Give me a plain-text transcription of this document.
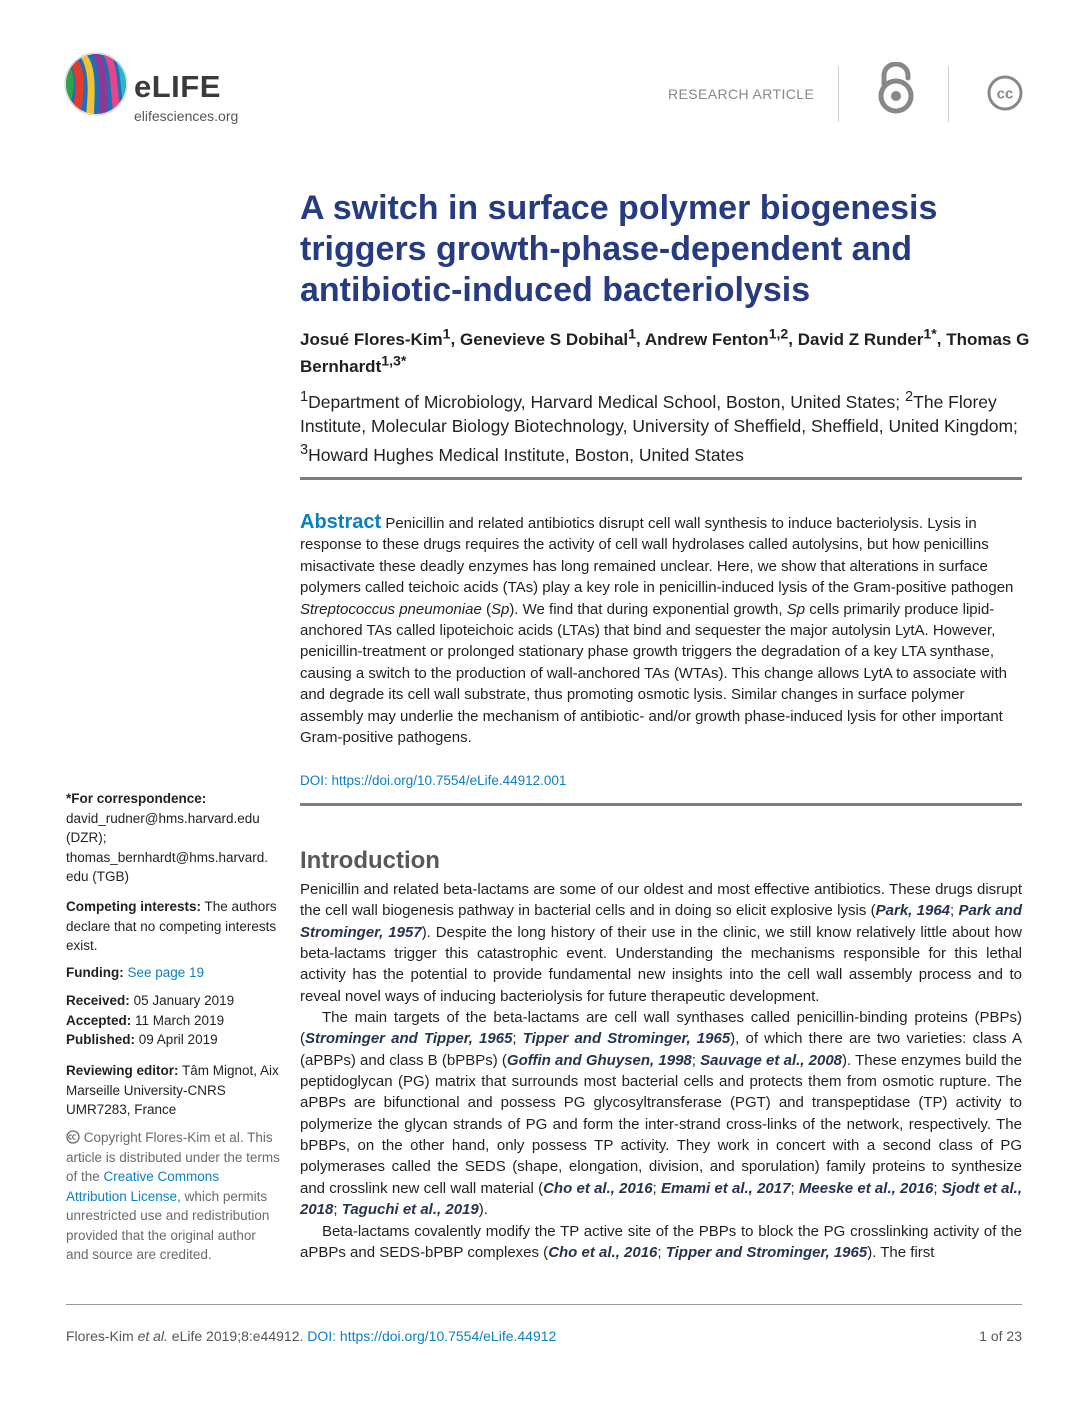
eLIFE
elifesciences.org
RESEARCH ARTICLE	cc
A switch in surface polymer biogenesis triggers growth-phase-dependent and antibiotic-induced bacteriolysis

Josué Flores-Kim$^1$, Genevieve S Dobihal$^1$, Andrew Fenton$^{1,2}$, David Z Runder$^{1*}$, Thomas G Bernhardt$^{1,3*}$

$^1$Department of Microbiology, Harvard Medical School, Boston, United States; $^2$The Florey Institute, Molecular Biology Biotechnology, University of Sheffield, Sheffield, United Kingdom; $^3$Howard Hughes Medical Institute, Boston, United States

Abstract Penicillin and related antibiotics disrupt cell wall synthesis to induce bacteriolysis. Lysis in response to these drugs requires the activity of cell wall hydrolases called autolysins, but how penicillins misactivate these deadly enzymes has long remained unclear. Here, we show that alterations in surface polymers called teichoic acids (TAs) play a key role in penicillin-induced lysis of the Gram-positive pathogen Streptococcus pneumoniae (Sp). We find that during exponential growth, Sp cells primarily produce lipid-anchored TAs called lipoteichoic acids (LTAs) that bind and sequester the major autolysin LytA. However, penicillin-treatment or prolonged stationary phase growth triggers the degradation of a key LTA synthase, causing a switch to the production of wall-anchored TAs (WTAs). This change allows LytA to associate with and degrade its cell wall substrate, thus promoting osmotic lysis. Similar changes in surface polymer assembly may underlie the mechanism of antibiotic- and/or growth phase-induced lysis for other important Gram-positive pathogens.

DOI: https://doi.org/10.7554/eLife.44912.001
*For correspondence:
david_rudner@hms.harvard.edu
(DZR);
thomas_bernhardt@hms.harvard.
edu (TGB)
Competing interests: The authors declare that no competing interests exist.
Funding: See page 19
Received: 05 January 2019
Accepted: 11 March 2019
Published: 09 April 2019
Reviewing editor: Tâm Mignot, Aix Marseille University-CNRS UMR7283, France
Copyright Flores-Kim et al. This article is distributed under the terms of the Creative Commons Attribution License, which permits unrestricted use and redistribution provided that the original author and source are credited.
Introduction

Penicillin and related beta-lactams are some of our oldest and most effective antibiotics. These drugs disrupt the cell wall biogenesis pathway in bacterial cells and in doing so elicit explosive lysis (Park, 1964; Park and Strominger, 1957). Despite the long history of their use in the clinic, we still know relatively little about how beta-lactams trigger this catastrophic event. Understanding the mechanisms responsible for this lethal activity has the potential to provide fundamental new insights into the cell wall assembly process and to reveal novel ways of inducing bacteriolysis for future therapeutic development.

The main targets of the beta-lactams are cell wall synthases called penicillin-binding proteins (PBPs) (Strominger and Tipper, 1965; Tipper and Strominger, 1965), of which there are two varieties: class A (aPBPs) and class B (bPBPs) (Goffin and Ghuysen, 1998; Sauvage et al., 2008). These enzymes build the peptidoglycan (PG) matrix that surrounds most bacterial cells and protects them from osmotic rupture. The aPBPs are bifunctional and possess PG glycosyltransferase (PGT) and transpeptidase (TP) activity to polymerize the glycan strands of PG and form the inter-strand cross-links of the network, respectively. The bPBPs, on the other hand, only possess TP activity. They work in concert with a second class of PG polymerases called the SEDS (shape, elongation, division, and sporulation) family proteins to synthesize and crosslink new cell wall material (Cho et al., 2016; Emami et al., 2017; Meeske et al., 2016; Sjodt et al., 2018; Taguchi et al., 2019).

Beta-lactams covalently modify the TP active site of the PBPs to block the PG crosslinking activity of the aPBPs and SEDS-bPBP complexes (Cho et al., 2016; Tipper and Strominger, 1965). The first

Flores-Kim et al. eLife 2019;8:e44912. DOI: https://doi.org/10.7554/eLife.44912	1 of 23
